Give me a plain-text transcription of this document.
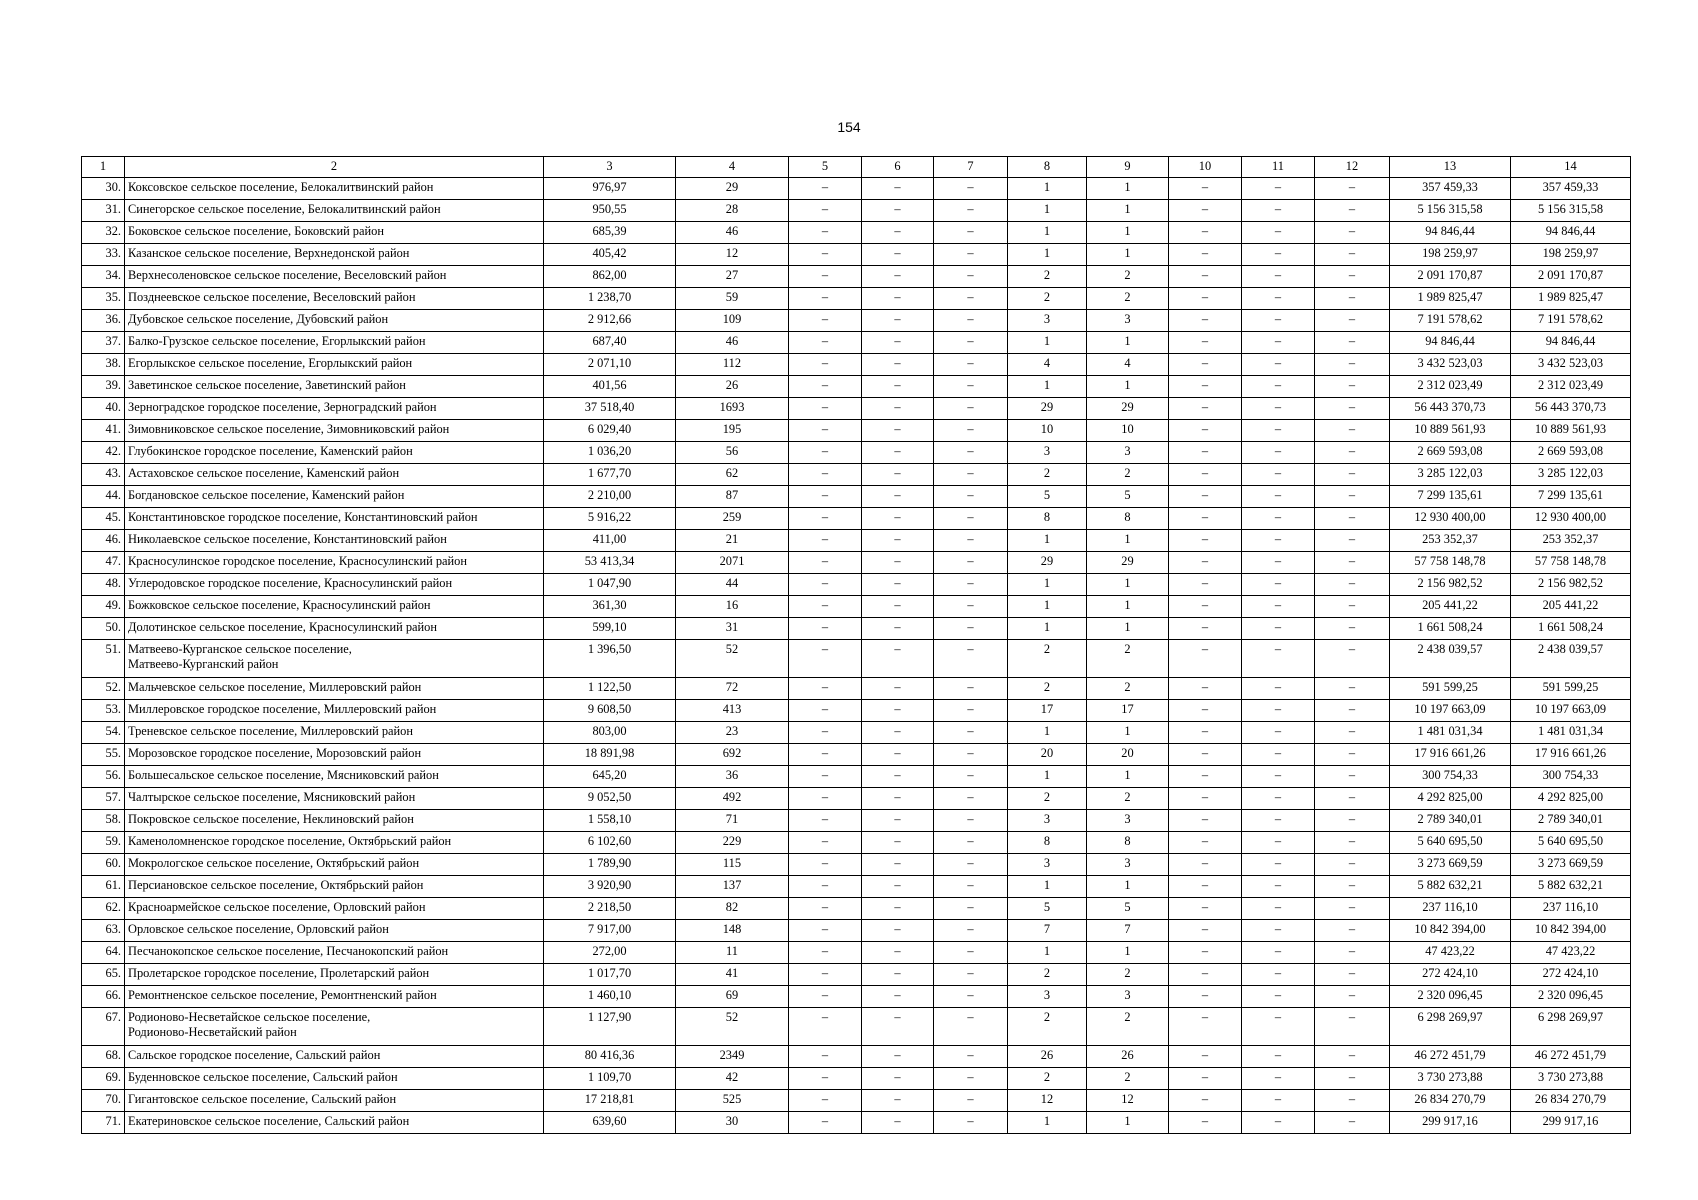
154
1	2	3	4	5	6	7	8	9	10	11	12	13	14
30.	Коксовское сельское поселение, Белокалитвинский район	976,97	29	–	–	–	1	1	–	–	–	357 459,33	357 459,33
31.	Синегорское сельское поселение, Белокалитвинский район	950,55	28	–	–	–	1	1	–	–	–	5 156 315,58	5 156 315,58
32.	Боковское сельское поселение, Боковский район	685,39	46	–	–	–	1	1	–	–	–	94 846,44	94 846,44
33.	Казанское сельское поселение, Верхнедонской район	405,42	12	–	–	–	1	1	–	–	–	198 259,97	198 259,97
34.	Верхнесоленовское сельское поселение, Веселовский район	862,00	27	–	–	–	2	2	–	–	–	2 091 170,87	2 091 170,87
35.	Позднеевское сельское поселение, Веселовский район	1 238,70	59	–	–	–	2	2	–	–	–	1 989 825,47	1 989 825,47
36.	Дубовское сельское поселение, Дубовский район	2 912,66	109	–	–	–	3	3	–	–	–	7 191 578,62	7 191 578,62
37.	Балко-Грузское сельское поселение, Егорлыкский район	687,40	46	–	–	–	1	1	–	–	–	94 846,44	94 846,44
38.	Егорлыкское сельское поселение, Егорлыкский район	2 071,10	112	–	–	–	4	4	–	–	–	3 432 523,03	3 432 523,03
39.	Заветинское сельское поселение, Заветинский район	401,56	26	–	–	–	1	1	–	–	–	2 312 023,49	2 312 023,49
40.	Зерноградское городское поселение, Зерноградский район	37 518,40	1693	–	–	–	29	29	–	–	–	56 443 370,73	56 443 370,73
41.	Зимовниковское сельское поселение, Зимовниковский район	6 029,40	195	–	–	–	10	10	–	–	–	10 889 561,93	10 889 561,93
42.	Глубокинское городское поселение, Каменский район	1 036,20	56	–	–	–	3	3	–	–	–	2 669 593,08	2 669 593,08
43.	Астаховское сельское поселение, Каменский район	1 677,70	62	–	–	–	2	2	–	–	–	3 285 122,03	3 285 122,03
44.	Богдановское сельское поселение, Каменский район	2 210,00	87	–	–	–	5	5	–	–	–	7 299 135,61	7 299 135,61
45.	Константиновское городское поселение, Константиновский район	5 916,22	259	–	–	–	8	8	–	–	–	12 930 400,00	12 930 400,00
46.	Николаевское сельское поселение, Константиновский район	411,00	21	–	–	–	1	1	–	–	–	253 352,37	253 352,37
47.	Красносулинское городское поселение, Красносулинский район	53 413,34	2071	–	–	–	29	29	–	–	–	57 758 148,78	57 758 148,78
48.	Углеродовское городское поселение, Красносулинский район	1 047,90	44	–	–	–	1	1	–	–	–	2 156 982,52	2 156 982,52
49.	Божковское сельское поселение, Красносулинский район	361,30	16	–	–	–	1	1	–	–	–	205 441,22	205 441,22
50.	Долотинское сельское поселение, Красносулинский район	599,10	31	–	–	–	1	1	–	–	–	1 661 508,24	1 661 508,24
51.	Матвеево-Курганское сельское поселение,
Матвеево-Курганский район	1 396,50	52	–	–	–	2	2	–	–	–	2 438 039,57	2 438 039,57
52.	Мальчевское сельское поселение, Миллеровский район	1 122,50	72	–	–	–	2	2	–	–	–	591 599,25	591 599,25
53.	Миллеровское городское поселение, Миллеровский район	9 608,50	413	–	–	–	17	17	–	–	–	10 197 663,09	10 197 663,09
54.	Треневское сельское поселение, Миллеровский район	803,00	23	–	–	–	1	1	–	–	–	1 481 031,34	1 481 031,34
55.	Морозовское городское поселение, Морозовский район	18 891,98	692	–	–	–	20	20	–	–	–	17 916 661,26	17 916 661,26
56.	Большесальское сельское поселение, Мясниковский район	645,20	36	–	–	–	1	1	–	–	–	300 754,33	300 754,33
57.	Чалтырское сельское поселение, Мясниковский район	9 052,50	492	–	–	–	2	2	–	–	–	4 292 825,00	4 292 825,00
58.	Покровское сельское поселение, Неклиновский район	1 558,10	71	–	–	–	3	3	–	–	–	2 789 340,01	2 789 340,01
59.	Каменоломненское городское поселение, Октябрьский район	6 102,60	229	–	–	–	8	8	–	–	–	5 640 695,50	5 640 695,50
60.	Мокрологское сельское поселение, Октябрьский район	1 789,90	115	–	–	–	3	3	–	–	–	3 273 669,59	3 273 669,59
61.	Персиановское сельское поселение, Октябрьский район	3 920,90	137	–	–	–	1	1	–	–	–	5 882 632,21	5 882 632,21
62.	Красноармейское сельское поселение, Орловский район	2 218,50	82	–	–	–	5	5	–	–	–	237 116,10	237 116,10
63.	Орловское сельское поселение, Орловский район	7 917,00	148	–	–	–	7	7	–	–	–	10 842 394,00	10 842 394,00
64.	Песчанокопское сельское поселение, Песчанокопский район	272,00	11	–	–	–	1	1	–	–	–	47 423,22	47 423,22
65.	Пролетарское городское поселение, Пролетарский район	1 017,70	41	–	–	–	2	2	–	–	–	272 424,10	272 424,10
66.	Ремонтненское сельское поселение, Ремонтненский район	1 460,10	69	–	–	–	3	3	–	–	–	2 320 096,45	2 320 096,45
67.	Родионово-Несветайское сельское поселение,
Родионово-Несветайский район	1 127,90	52	–	–	–	2	2	–	–	–	6 298 269,97	6 298 269,97
68.	Сальское городское поселение, Сальский район	80 416,36	2349	–	–	–	26	26	–	–	–	46 272 451,79	46 272 451,79
69.	Буденновское сельское поселение, Сальский район	1 109,70	42	–	–	–	2	2	–	–	–	3 730 273,88	3 730 273,88
70.	Гигантовское сельское поселение, Сальский район	17 218,81	525	–	–	–	12	12	–	–	–	26 834 270,79	26 834 270,79
71.	Екатериновское сельское поселение, Сальский район	639,60	30	–	–	–	1	1	–	–	–	299 917,16	299 917,16
